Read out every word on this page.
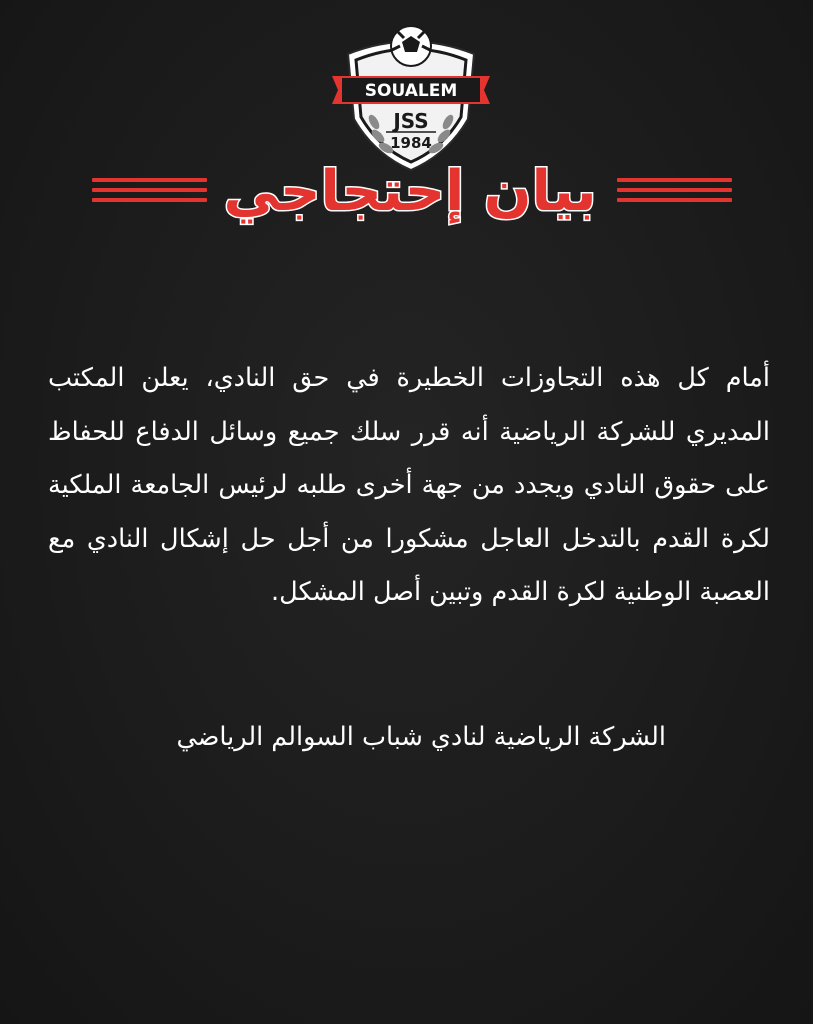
SOUALEM
JSS
1984
بيان إحتجاجي

أمام كل هذه التجاوزات الخطيرة في حق النادي، يعلن المكتب المديري للشركة الرياضية أنه قرر سلك جميع وسائل الدفاع للحفاظ على حقوق النادي ويجدد من جهة أخرى طلبه لرئيس الجامعة الملكية لكرة القدم بالتدخل العاجل مشكورا من أجل حل إشكال النادي مع العصبة الوطنية لكرة القدم وتبين أصل المشكل.

الشركة الرياضية لنادي شباب السوالم الرياضي
